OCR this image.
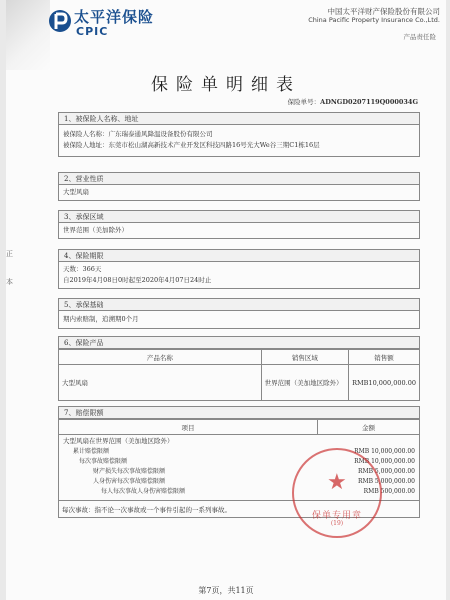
太平洋保险
CPIC
中国太平洋财产保险股份有限公司
China Pacific Property Insurance Co.,Ltd.
产品责任险
保险单明细表
保险单号：ADNGD0207119Q000034G
正
本
1、被保险人名称、地址
被保险人名称：广东瑞泰通风降温设备股份有限公司
被保险人地址：东莞市松山湖高新技术产业开发区科技四路16号光大We谷三期C1栋16层
2、营业性质
大型风扇
3、承保区域
世界范围（美加除外）
4、保险期限
天数：366天
自2019年4月08日0时起至2020年4月07日24时止
5、承保基础
期内索赔制，追溯期0个月
6、保险产品
产品名称	销售区域	销售额
大型风扇	世界范围（美加地区除外）	RMB10,000,000.00
7、赔偿限额
项目	金额

大型风扇在世界范围（美加地区除外）
累计赔偿限额	RMB 10,000,000.00
每次事故赔偿限额	RMB 10,000,000.00
财产损失每次事故赔偿限额	RMB 5,000,000.00
人身伤害每次事故赔偿限额	RMB 5,000,000.00
每人每次事故人身伤害赔偿限额	RMB 500,000.00

每次事故：指不论一次事故或一个事件引起的一系列事故。
★
保单专用章
(19)
第7页，共11页
